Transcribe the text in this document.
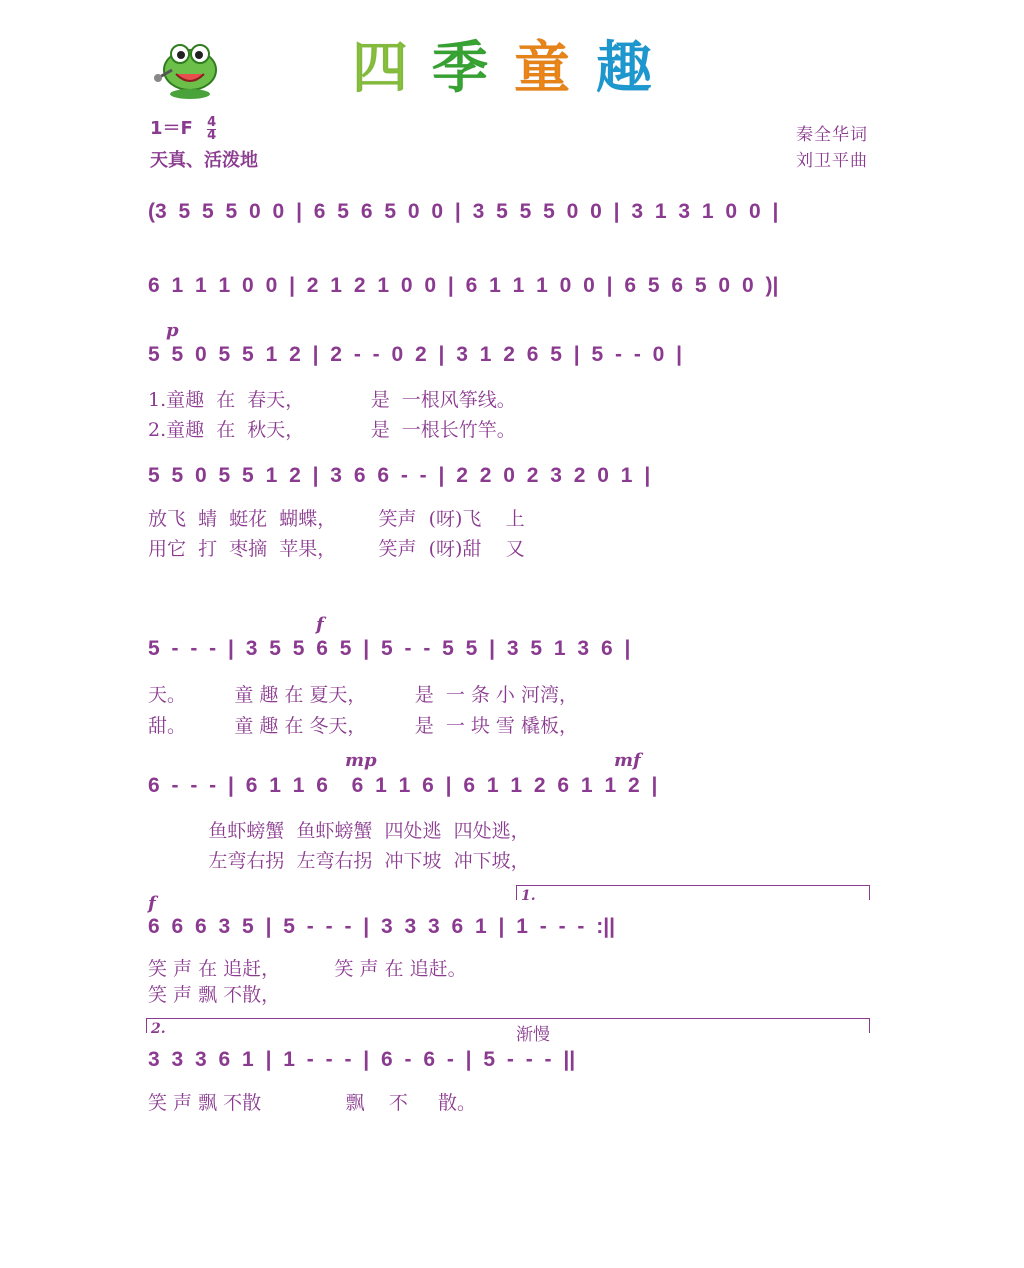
四 季 童 趣
$1=F \frac{4}{4}$
天真、活泼地
秦全华词
刘卫平曲
(3 5 5 5 0 0 | 6 5 6 5 0 0 | 3 5 5 5 0 0 | 3 1 3 1 0 0 |
6 1 1 1 0 0 | 2 1 2 1 0 0 | 6 1 1 1 0 0 | 6 5 6 5 0 0 )|
p
5 5 0 5 5 1 2 | 2 - - 0 2 | 3 1 2 6 5 | 5 - - 0 |
1.童趣  在  春天，           是  一根风筝线。
2.童趣  在  秋天，           是  一根长竹竿。
5 5 0 5 5 1 2 | 3 6 6 - - | 2 2 0 2 3 2 0 1 |
放飞  蜻  蜓花  蝴蝶，       笑声  (呀)飞    上
用它  打  枣摘  苹果，       笑声  (呀)甜    又
f
5 - - - | 3 5 5 6 5 | 5 - - 5 5 | 3 5 1 3 6 |
天。        童 趣 在 夏天，        是  一 条 小 河湾，
甜。        童 趣 在 冬天，        是  一 块 雪 橇板，
mp	mf
6 - - - | 6 1 1 6  6 1 1 6 | 6 1 1 2 6 1 1 2 |
鱼虾螃蟹  鱼虾螃蟹  四处逃  四处逃，
左弯右拐  左弯右拐  冲下坡  冲下坡，
1.
f
6 6 6 3 5 | 5 - - - | 3 3 3 6 1 | 1 - - - :||
笑 声 在 追赶，         笑 声 在 追赶。
笑 声 飘 不散，
2.	渐慢
3 3 3 6 1 | 1 - - - | 6 - 6 - | 5 - - - ||
笑 声 飘 不散              飘    不     散。
